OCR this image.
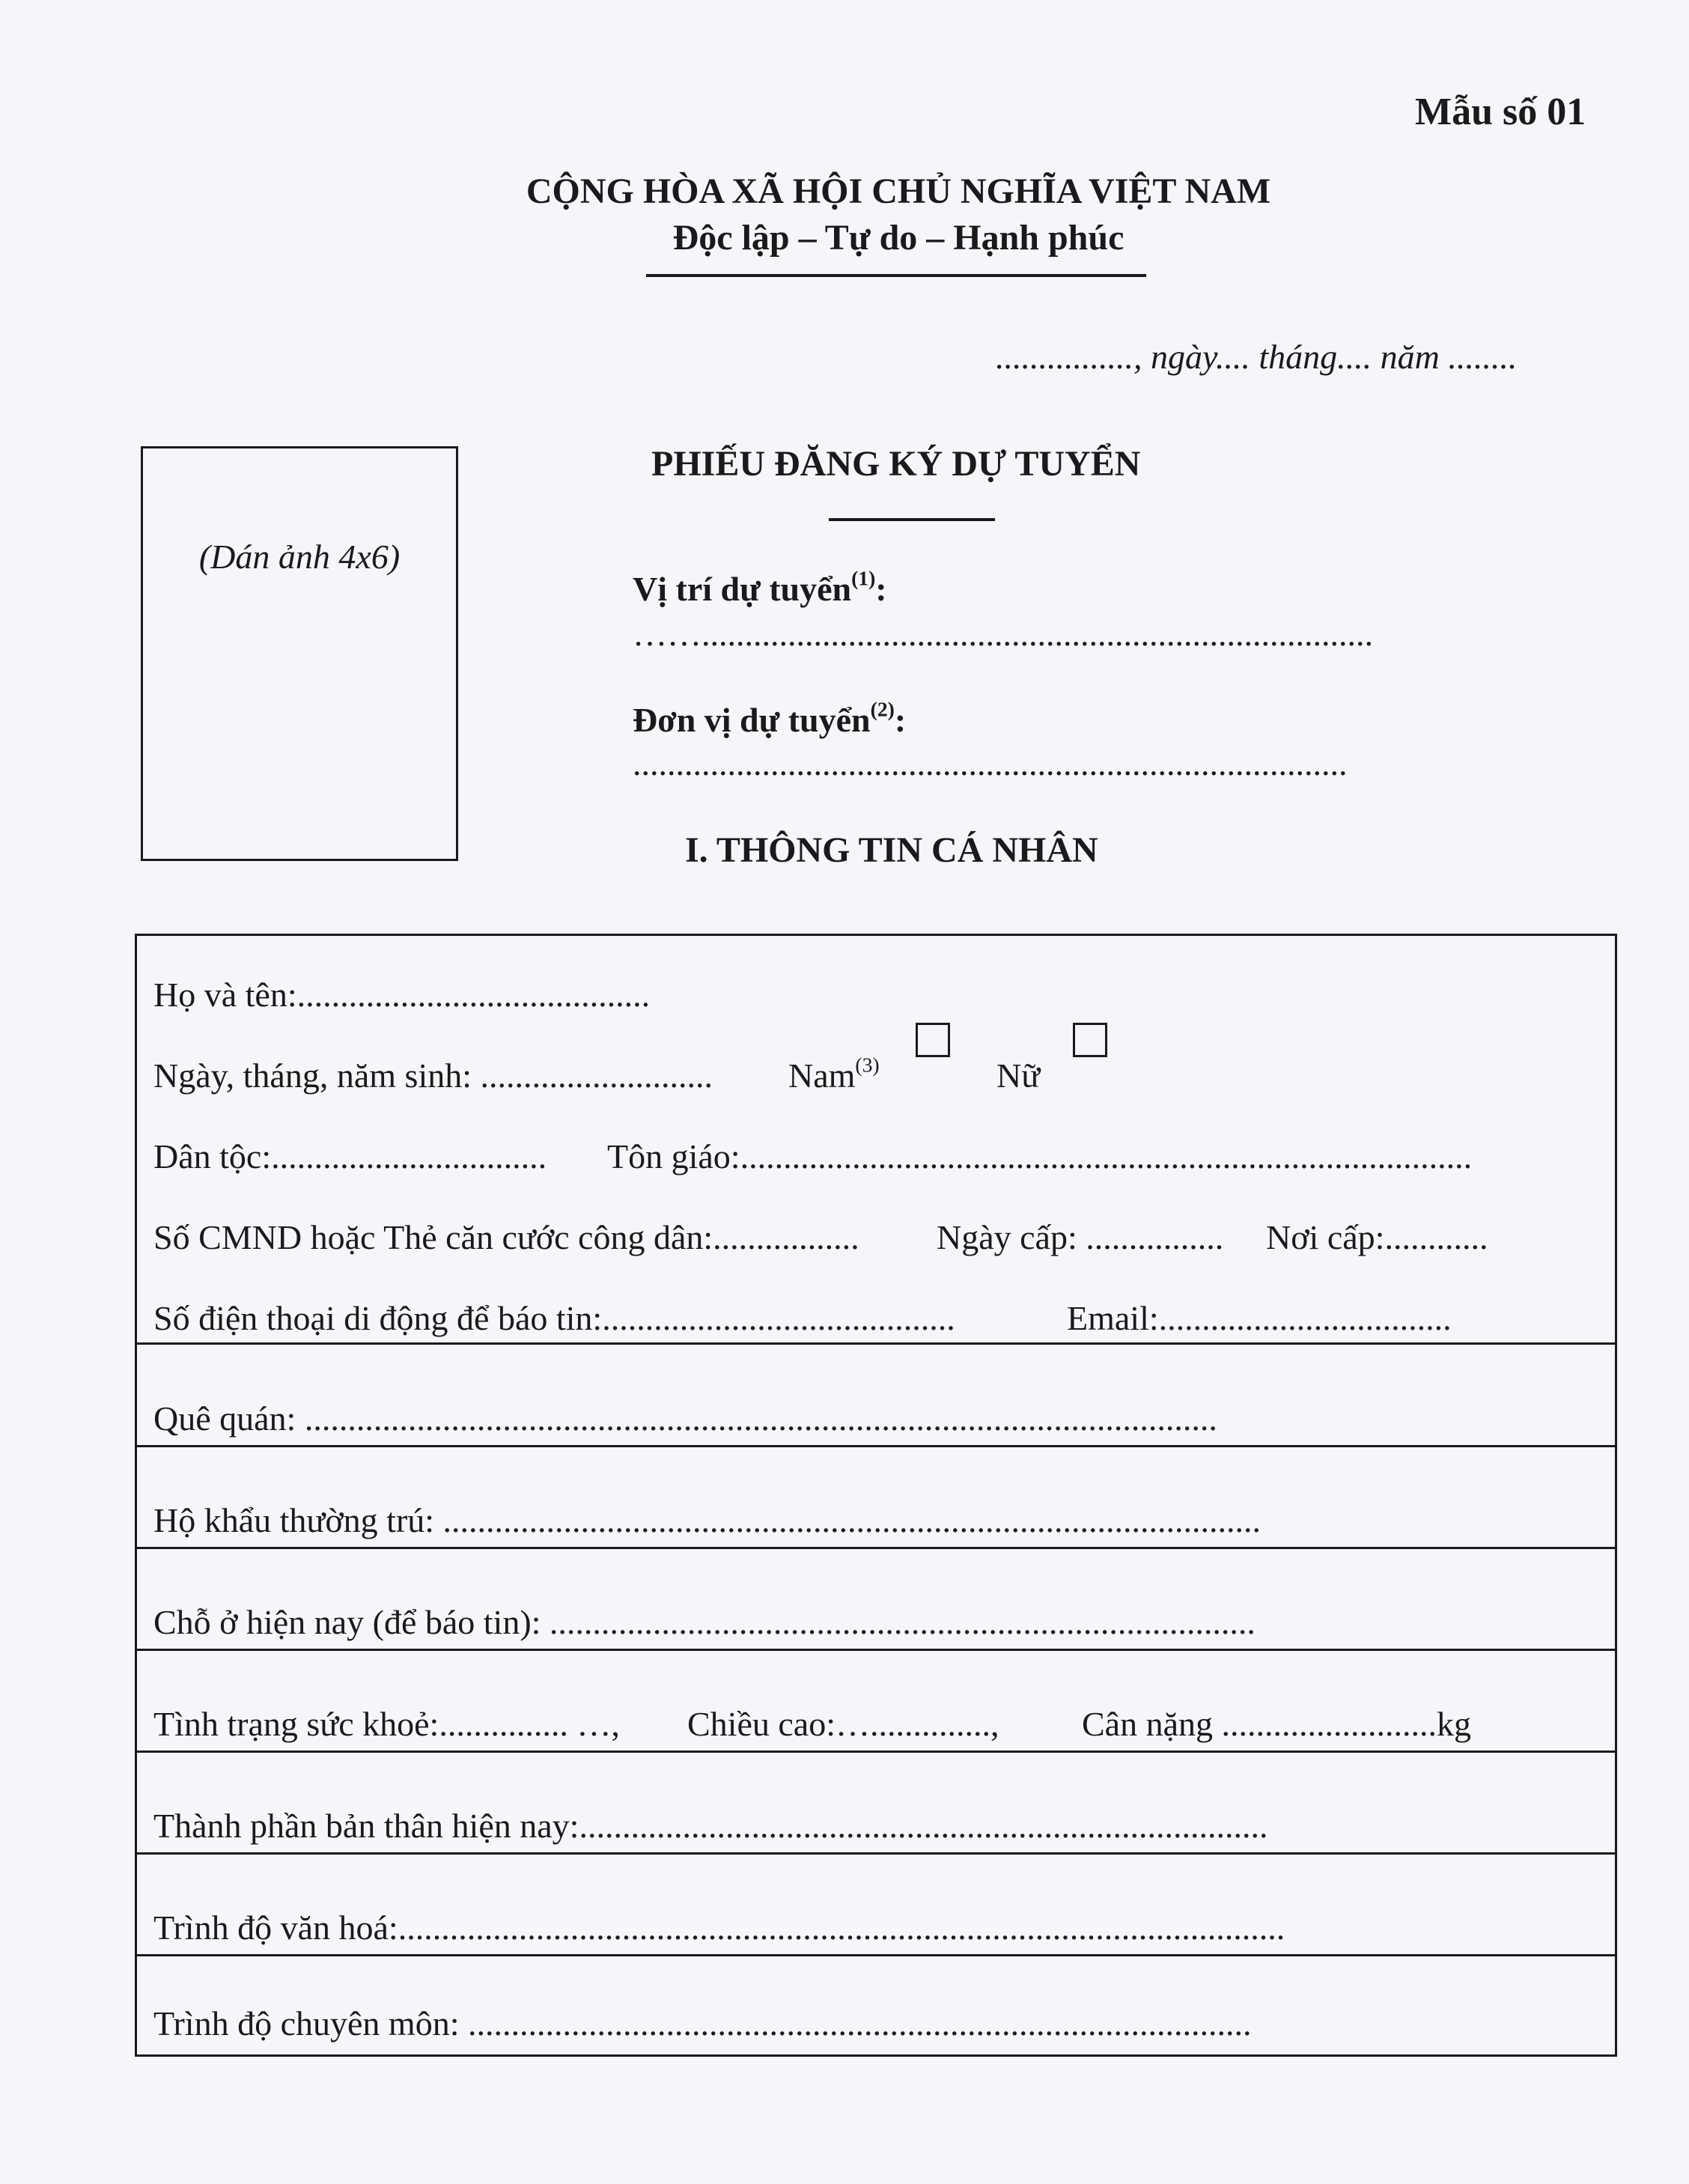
Mẫu số 01
CỘNG HÒA XÃ HỘI CHỦ NGHĨA VIỆT NAM
Độc lập – Tự do – Hạnh phúc
................, ngày.... tháng.... năm ........
(Dán ảnh 4x6)
PHIẾU ĐĂNG KÝ DỰ TUYỂN
Vị trí dự tuyển$^{(1)}$:
……..............................................................................
Đơn vị dự tuyển$^{(2)}$:
...................................................................................
I. THÔNG TIN CÁ NHÂN
Họ và tên:.........................................
Ngày, tháng, năm sinh: ........................... Nam$^{(3)}$	Nữ
Dân tộc:................................ Tôn giáo:.....................................................................................
Số CMND hoặc Thẻ căn cước công dân:................. Ngày cấp: ................ Nơi cấp:............
Số điện thoại di động để báo tin:.........................................	Email:..................................
Quê quán: ..........................................................................................................
Hộ khẩu thường trú: ...............................................................................................
Chỗ ở hiện nay (để báo tin): ..................................................................................
Tình trạng sức khoẻ:............... …, Chiều cao:….............., Cân nặng .........................kg
Thành phần bản thân hiện nay:................................................................................
Trình độ văn hoá:.......................................................................................................
Trình độ chuyên môn: ...........................................................................................
